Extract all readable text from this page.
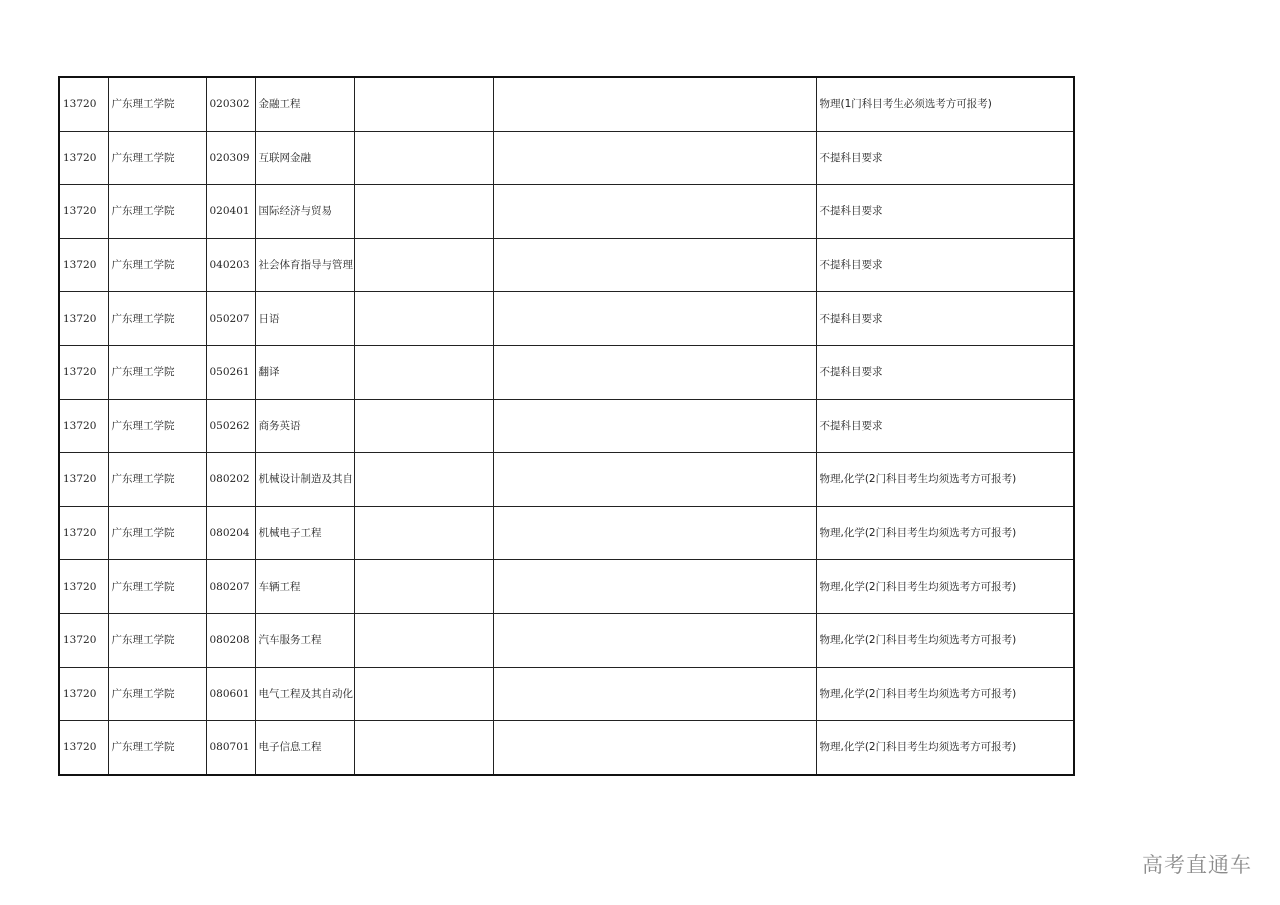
13720	广东理工学院	020302	金融工程			物理(1门科目考生必须选考方可报考)
13720	广东理工学院	020309	互联网金融			不提科目要求
13720	广东理工学院	020401	国际经济与贸易			不提科目要求
13720	广东理工学院	040203	社会体育指导与管理			不提科目要求
13720	广东理工学院	050207	日语			不提科目要求
13720	广东理工学院	050261	翻译			不提科目要求
13720	广东理工学院	050262	商务英语			不提科目要求
13720	广东理工学院	080202	机械设计制造及其自			物理,化学(2门科目考生均须选考方可报考)
13720	广东理工学院	080204	机械电子工程			物理,化学(2门科目考生均须选考方可报考)
13720	广东理工学院	080207	车辆工程			物理,化学(2门科目考生均须选考方可报考)
13720	广东理工学院	080208	汽车服务工程			物理,化学(2门科目考生均须选考方可报考)
13720	广东理工学院	080601	电气工程及其自动化			物理,化学(2门科目考生均须选考方可报考)
13720	广东理工学院	080701	电子信息工程			物理,化学(2门科目考生均须选考方可报考)
高考直通车
